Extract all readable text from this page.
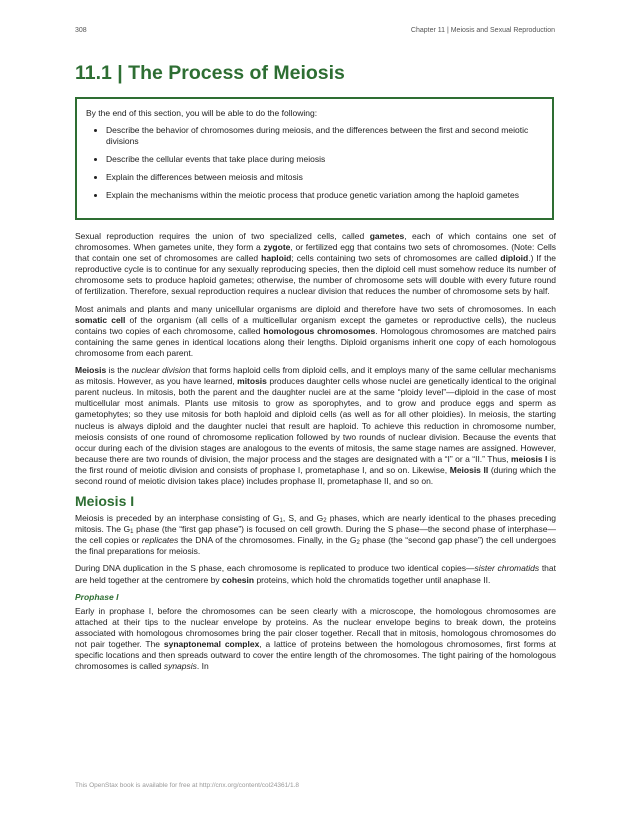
308	Chapter 11 | Meiosis and Sexual Reproduction
11.1 | The Process of Meiosis

By the end of this section, you will be able to do the following:

• Describe the behavior of chromosomes during meiosis, and the differences between the first and second meiotic divisions
• Describe the cellular events that take place during meiosis
• Explain the differences between meiosis and mitosis
• Explain the mechanisms within the meiotic process that produce genetic variation among the haploid gametes

Sexual reproduction requires the union of two specialized cells, called gametes, each of which contains one set of chromosomes. When gametes unite, they form a zygote, or fertilized egg that contains two sets of chromosomes. (Note: Cells that contain one set of chromosomes are called haploid; cells containing two sets of chromosomes are called diploid.) If the reproductive cycle is to continue for any sexually reproducing species, then the diploid cell must somehow reduce its number of chromosome sets to produce haploid gametes; otherwise, the number of chromosome sets will double with every future round of fertilization. Therefore, sexual reproduction requires a nuclear division that reduces the number of chromosome sets by half.

Most animals and plants and many unicellular organisms are diploid and therefore have two sets of chromosomes. In each somatic cell of the organism (all cells of a multicellular organism except the gametes or reproductive cells), the nucleus contains two copies of each chromosome, called homologous chromosomes. Homologous chromosomes are matched pairs containing the same genes in identical locations along their lengths. Diploid organisms inherit one copy of each homologous chromosome from each parent.

Meiosis is the nuclear division that forms haploid cells from diploid cells, and it employs many of the same cellular mechanisms as mitosis. However, as you have learned, mitosis produces daughter cells whose nuclei are genetically identical to the original parent nucleus. In mitosis, both the parent and the daughter nuclei are at the same “ploidy level”—diploid in the case of most multicellular most animals. Plants use mitosis to grow as sporophytes, and to grow and produce eggs and sperm as gametophytes; so they use mitosis for both haploid and diploid cells (as well as for all other ploidies). In meiosis, the starting nucleus is always diploid and the daughter nuclei that result are haploid. To achieve this reduction in chromosome number, meiosis consists of one round of chromosome replication followed by two rounds of nuclear division. Because the events that occur during each of the division stages are analogous to the events of mitosis, the same stage names are assigned. However, because there are two rounds of division, the major process and the stages are designated with a “I” or a “II.” Thus, meiosis I is the first round of meiotic division and consists of prophase I, prometaphase I, and so on. Likewise, Meiosis II (during which the second round of meiotic division takes place) includes prophase II, prometaphase II, and so on.

Meiosis I

Meiosis is preceded by an interphase consisting of $G_1$, S, and $G_2$ phases, which are nearly identical to the phases preceding mitosis. The $G_1$ phase (the “first gap phase”) is focused on cell growth. During the S phase—the second phase of interphase—the cell copies or replicates the DNA of the chromosomes. Finally, in the $G_2$ phase (the “second gap phase”) the cell undergoes the final preparations for meiosis.

During DNA duplication in the S phase, each chromosome is replicated to produce two identical copies—sister chromatids that are held together at the centromere by cohesin proteins, which hold the chromatids together until anaphase II.

Prophase I

Early in prophase I, before the chromosomes can be seen clearly with a microscope, the homologous chromosomes are attached at their tips to the nuclear envelope by proteins. As the nuclear envelope begins to break down, the proteins associated with homologous chromosomes bring the pair closer together. Recall that in mitosis, homologous chromosomes do not pair together. The synaptonemal complex, a lattice of proteins between the homologous chromosomes, first forms at specific locations and then spreads outward to cover the entire length of the chromosomes. The tight pairing of the homologous chromosomes is called synapsis. In

This OpenStax book is available for free at http://cnx.org/content/col24361/1.8
